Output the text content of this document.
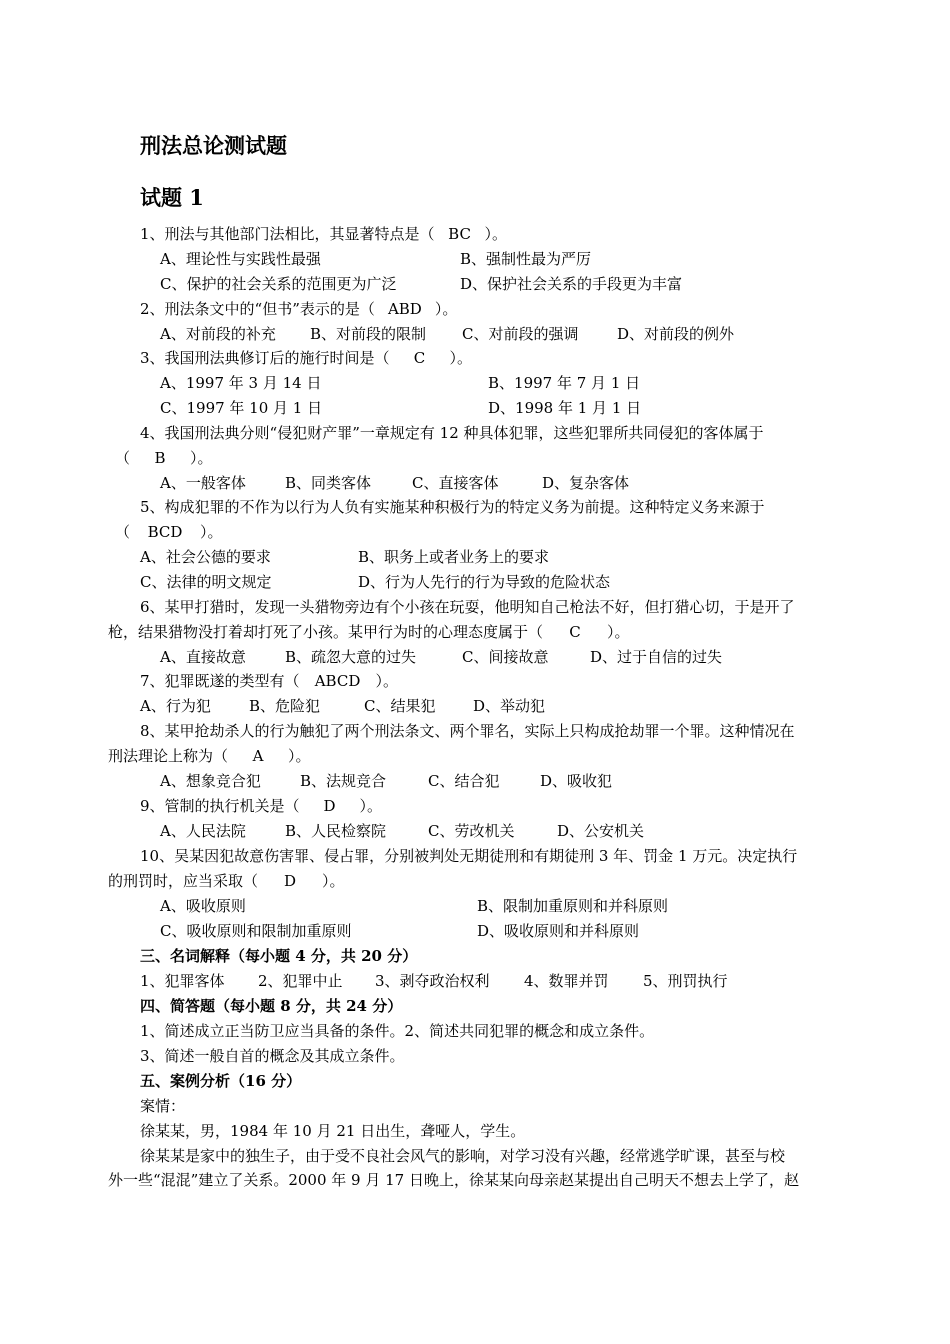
刑法总论测试题
试题 1
1、刑法与其他部门法相比，其显著特点是（ BC ）。
A、理论性与实践性最强	B、强制性最为严厉
C、保护的社会关系的范围更为广泛	D、保护社会关系的手段更为丰富
2、刑法条文中的“但书”表示的是（ ABD ）。
A、对前段的补充 B、对前段的限制 C、对前段的强调	D、对前段的例外
3、我国刑法典修订后的施行时间是（ C ）。
A、1997 年 3 月 14 日	B、1997 年 7 月 1 日
C、1997 年 10 月 1 日	D、1998 年 1 月 1 日
4、我国刑法典分则“侵犯财产罪”一章规定有 12 种具体犯罪，这些犯罪所共同侵犯的客体属于
（ B ）。
A、一般客体	B、同类客体	C、直接客体	D、复杂客体
5、构成犯罪的不作为以行为人负有实施某种积极行为的特定义务为前提。这种特定义务来源于
（ BCD ）。
A、社会公德的要求	B、职务上或者业务上的要求
C、法律的明文规定	D、行为人先行的行为导致的危险状态
6、某甲打猎时，发现一头猎物旁边有个小孩在玩耍，他明知自己枪法不好，但打猎心切，于是开了
枪，结果猎物没打着却打死了小孩。某甲行为时的心理态度属于（ C ）。
A、直接故意	B、疏忽大意的过失	C、间接故意	D、过于自信的过失
7、犯罪既遂的类型有（ ABCD ）。
A、行为犯	B、危险犯	C、结果犯	D、举动犯
8、某甲抢劫杀人的行为触犯了两个刑法条文、两个罪名，实际上只构成抢劫罪一个罪。这种情况在
刑法理论上称为（ A ）。
A、想象竞合犯	B、法规竞合	C、结合犯	D、吸收犯
9、管制的执行机关是（ D ）。
A、人民法院	B、人民检察院	C、劳改机关	D、公安机关
10、吴某因犯故意伤害罪、侵占罪，分别被判处无期徒刑和有期徒刑 3 年、罚金 1 万元。决定执行
的刑罚时，应当采取（ D ）。
A、吸收原则	B、限制加重原则和并科原则
C、吸收原则和限制加重原则	D、吸收原则和并科原则
三、名词解释（每小题 4 分，共 20 分）
1、犯罪客体 2、犯罪中止 3、剥夺政治权利 4、数罪并罚 5、刑罚执行
四、简答题（每小题 8 分，共 24 分）
1、简述成立正当防卫应当具备的条件。2、简述共同犯罪的概念和成立条件。
3、简述一般自首的概念及其成立条件。
五、案例分析（16 分）
案情：
徐某某，男，1984 年 10 月 21 日出生，聋哑人，学生。
徐某某是家中的独生子，由于受不良社会风气的影响，对学习没有兴趣，经常逃学旷课，甚至与校
外一些“混混”建立了关系。2000 年 9 月 17 日晚上，徐某某向母亲赵某提出自己明天不想去上学了，赵
